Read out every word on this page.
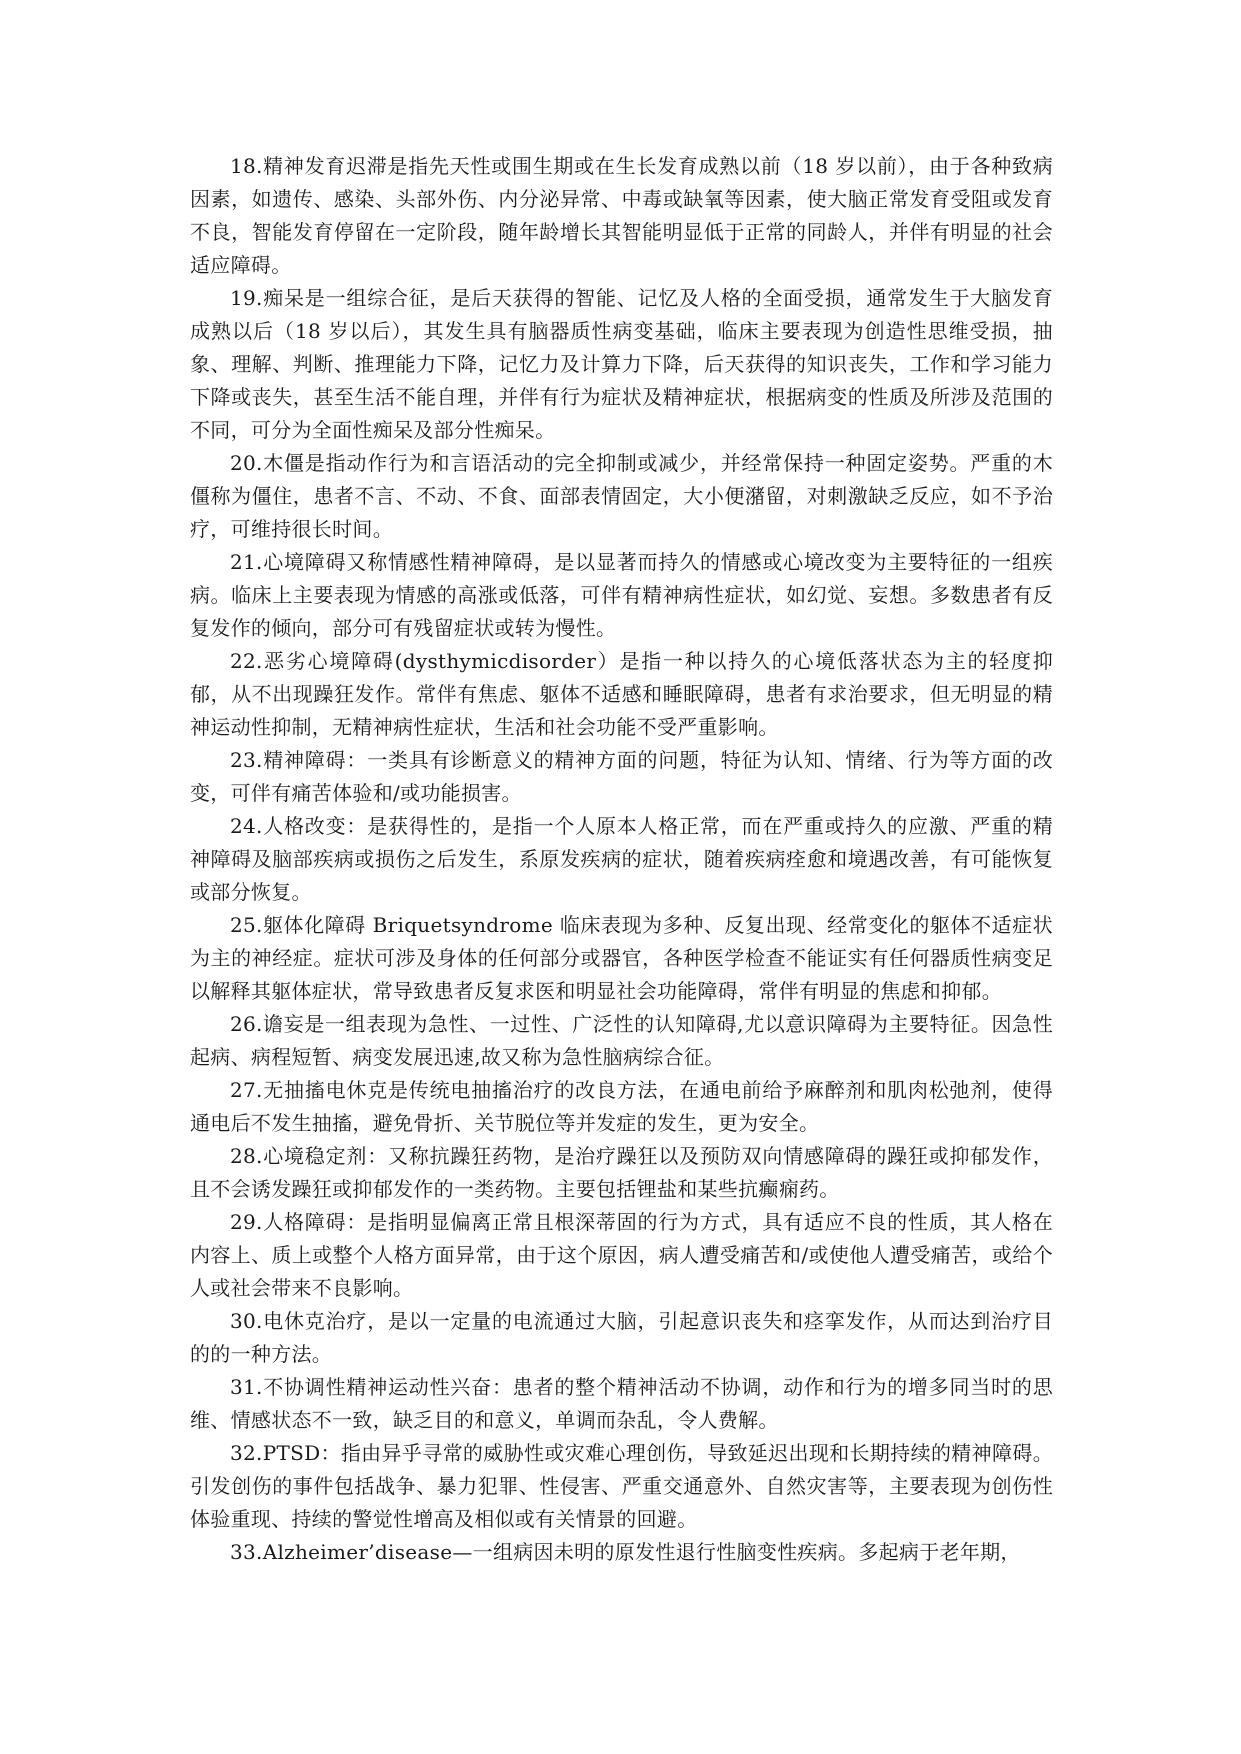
18.精神发育迟滞是指先天性或围生期或在生长发育成熟以前（18 岁以前），由于各种致病因素，如遗传、感染、头部外伤、内分泌异常、中毒或缺氧等因素，使大脑正常发育受阻或发育不良，智能发育停留在一定阶段，随年龄增长其智能明显低于正常的同龄人，并伴有明显的社会适应障碍。

19.痴呆是一组综合征，是后天获得的智能、记忆及人格的全面受损，通常发生于大脑发育成熟以后（18 岁以后），其发生具有脑器质性病变基础，临床主要表现为创造性思维受损，抽象、理解、判断、推理能力下降，记忆力及计算力下降，后天获得的知识丧失，工作和学习能力下降或丧失，甚至生活不能自理，并伴有行为症状及精神症状，根据病变的性质及所涉及范围的不同，可分为全面性痴呆及部分性痴呆。

20.木僵是指动作行为和言语活动的完全抑制或减少，并经常保持一种固定姿势。严重的木僵称为僵住，患者不言、不动、不食、面部表情固定，大小便潴留，对刺激缺乏反应，如不予治疗，可维持很长时间。

21.心境障碍又称情感性精神障碍，是以显著而持久的情感或心境改变为主要特征的一组疾病。临床上主要表现为情感的高涨或低落，可伴有精神病性症状，如幻觉、妄想。多数患者有反复发作的倾向，部分可有残留症状或转为慢性。

22.恶劣心境障碍(dysthymicdisorder）是指一种以持久的心境低落状态为主的轻度抑郁，从不出现躁狂发作。常伴有焦虑、躯体不适感和睡眠障碍，患者有求治要求，但无明显的精神运动性抑制，无精神病性症状，生活和社会功能不受严重影响。

23.精神障碍：一类具有诊断意义的精神方面的问题，特征为认知、情绪、行为等方面的改变，可伴有痛苦体验和/或功能损害。

24.人格改变：是获得性的，是指一个人原本人格正常，而在严重或持久的应激、严重的精神障碍及脑部疾病或损伤之后发生，系原发疾病的症状，随着疾病痊愈和境遇改善，有可能恢复或部分恢复。

25.躯体化障碍 Briquetsyndrome 临床表现为多种、反复出现、经常变化的躯体不适症状为主的神经症。症状可涉及身体的任何部分或器官，各种医学检查不能证实有任何器质性病变足以解释其躯体症状，常导致患者反复求医和明显社会功能障碍，常伴有明显的焦虑和抑郁。

26.谵妄是一组表现为急性、一过性、广泛性的认知障碍,尤以意识障碍为主要特征。因急性起病、病程短暂、病变发展迅速,故又称为急性脑病综合征。

27.无抽搐电休克是传统电抽搐治疗的改良方法，在通电前给予麻醉剂和肌肉松弛剂，使得通电后不发生抽搐，避免骨折、关节脱位等并发症的发生，更为安全。

28.心境稳定剂：又称抗躁狂药物，是治疗躁狂以及预防双向情感障碍的躁狂或抑郁发作，且不会诱发躁狂或抑郁发作的一类药物。主要包括锂盐和某些抗癫痫药。

29.人格障碍：是指明显偏离正常且根深蒂固的行为方式，具有适应不良的性质，其人格在内容上、质上或整个人格方面异常，由于这个原因，病人遭受痛苦和/或使他人遭受痛苦，或给个人或社会带来不良影响。

30.电休克治疗，是以一定量的电流通过大脑，引起意识丧失和痉挛发作，从而达到治疗目的的一种方法。

31.不协调性精神运动性兴奋：患者的整个精神活动不协调，动作和行为的增多同当时的思维、情感状态不一致，缺乏目的和意义，单调而杂乱，令人费解。

32.PTSD：指由异乎寻常的威胁性或灾难心理创伤，导致延迟出现和长期持续的精神障碍。引发创伤的事件包括战争、暴力犯罪、性侵害、严重交通意外、自然灾害等，主要表现为创伤性体验重现、持续的警觉性增高及相似或有关情景的回避。

33.Alzheimer’disease—一组病因未明的原发性退行性脑变性疾病。多起病于老年期，
